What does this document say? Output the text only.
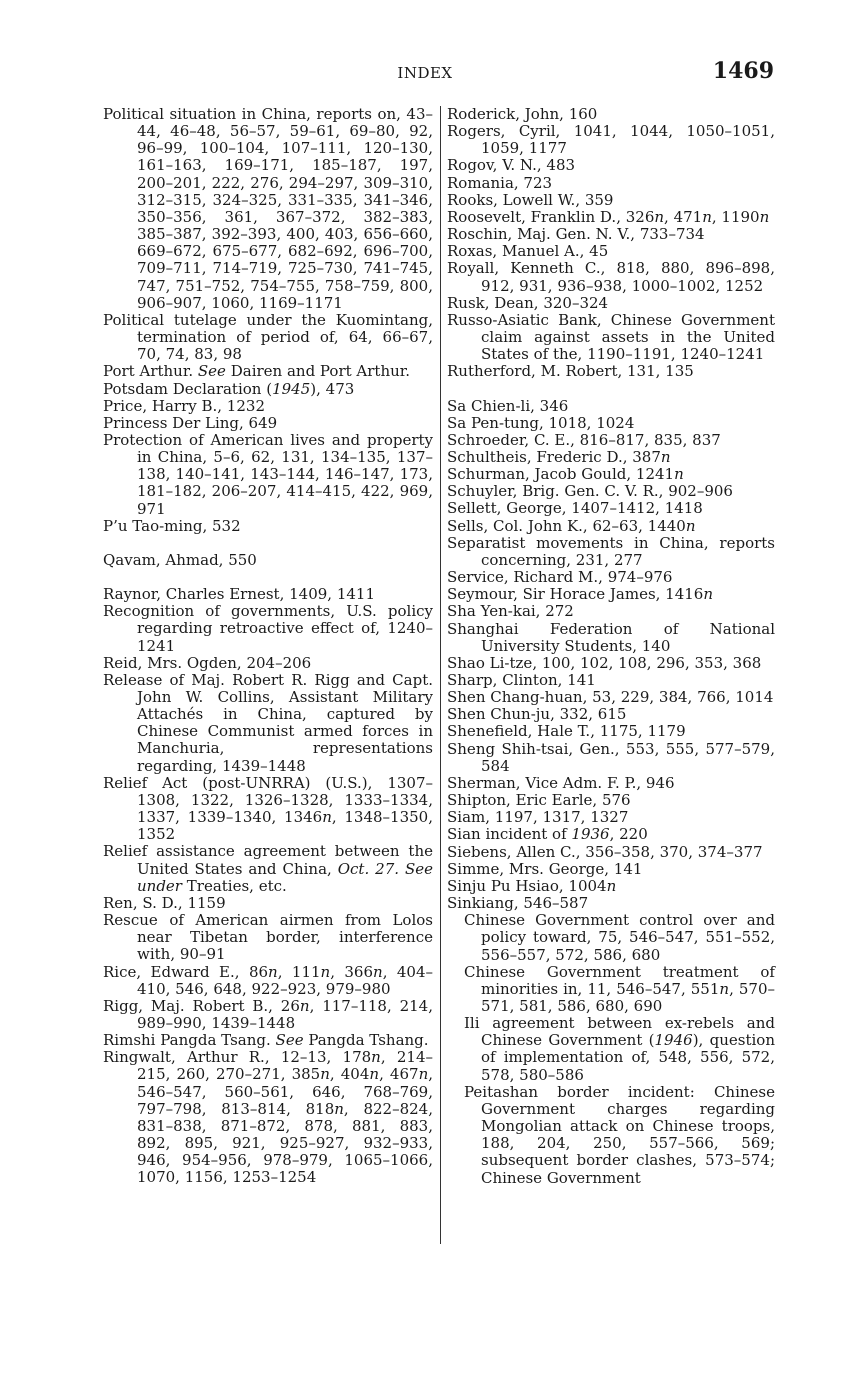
INDEX	1469
Political situation in China, reports on, 43–44, 46–48, 56–57, 59–61, 69–80, 92, 96–99, 100–104, 107–111, 120–130, 161–163, 169–171, 185–187, 197, 200–201, 222, 276, 294–297, 309–310, 312–315, 324–325, 331–335, 341–346, 350–356, 361, 367–372, 382–383, 385–387, 392–393, 400, 403, 656–660, 669–672, 675–677, 682–692, 696–700, 709–711, 714–719, 725–730, 741–745, 747, 751–752, 754–755, 758–759, 800, 906–907, 1060, 1169–1171
Political tutelage under the Kuomintang, termination of period of, 64, 66–67, 70, 74, 83, 98
Port Arthur. See Dairen and Port Arthur.
Potsdam Declaration (1945), 473
Price, Harry B., 1232
Princess Der Ling, 649
Protection of American lives and property in China, 5–6, 62, 131, 134–135, 137–138, 140–141, 143–144, 146–147, 173, 181–182, 206–207, 414–415, 422, 969, 971
P’u Tao-ming, 532
Qavam, Ahmad, 550
Raynor, Charles Ernest, 1409, 1411
Recognition of governments, U.S. policy regarding retroactive effect of, 1240–1241
Reid, Mrs. Ogden, 204–206
Release of Maj. Robert R. Rigg and Capt. John W. Collins, Assistant Military Attachés in China, captured by Chinese Communist armed forces in Manchuria, representations regarding, 1439–1448
Relief Act (post-UNRRA) (U.S.), 1307–1308, 1322, 1326–1328, 1333–1334, 1337, 1339–1340, 1346n, 1348–1350, 1352
Relief assistance agreement between the United States and China, Oct. 27. See under Treaties, etc.
Ren, S. D., 1159
Rescue of American airmen from Lolos near Tibetan border, interference with, 90–91
Rice, Edward E., 86n, 111n, 366n, 404–410, 546, 648, 922–923, 979–980
Rigg, Maj. Robert B., 26n, 117–118, 214, 989–990, 1439–1448
Rimshi Pangda Tsang. See Pangda Tshang.
Ringwalt, Arthur R., 12–13, 178n, 214–215, 260, 270–271, 385n, 404n, 467n, 546–547, 560–561, 646, 768–769, 797–798, 813–814, 818n, 822–824, 831–838, 871–872, 878, 881, 883, 892, 895, 921, 925–927, 932–933, 946, 954–956, 978–979, 1065–1066, 1070, 1156, 1253–1254
Roderick, John, 160
Rogers, Cyril, 1041, 1044, 1050–1051, 1059, 1177
Rogov, V. N., 483
Romania, 723
Rooks, Lowell W., 359
Roosevelt, Franklin D., 326n, 471n, 1190n
Roschin, Maj. Gen. N. V., 733–734
Roxas, Manuel A., 45
Royall, Kenneth C., 818, 880, 896–898, 912, 931, 936–938, 1000–1002, 1252
Rusk, Dean, 320–324
Russo-Asiatic Bank, Chinese Government claim against assets in the United States of the, 1190–1191, 1240–1241
Rutherford, M. Robert, 131, 135
Sa Chien-li, 346
Sa Pen-tung, 1018, 1024
Schroeder, C. E., 816–817, 835, 837
Schultheis, Frederic D., 387n
Schurman, Jacob Gould, 1241n
Schuyler, Brig. Gen. C. V. R., 902–906
Sellett, George, 1407–1412, 1418
Sells, Col. John K., 62–63, 1440n
Separatist movements in China, reports concerning, 231, 277
Service, Richard M., 974–976
Seymour, Sir Horace James, 1416n
Sha Yen-kai, 272
Shanghai Federation of National University Students, 140
Shao Li-tze, 100, 102, 108, 296, 353, 368
Sharp, Clinton, 141
Shen Chang-huan, 53, 229, 384, 766, 1014
Shen Chun-ju, 332, 615
Shenefield, Hale T., 1175, 1179
Sheng Shih-tsai, Gen., 553, 555, 577–579, 584
Sherman, Vice Adm. F. P., 946
Shipton, Eric Earle, 576
Siam, 1197, 1317, 1327
Sian incident of 1936, 220
Siebens, Allen C., 356–358, 370, 374–377
Simme, Mrs. George, 141
Sinju Pu Hsiao, 1004n
Sinkiang, 546–587
Chinese Government control over and policy toward, 75, 546–547, 551–552, 556–557, 572, 586, 680
Chinese Government treatment of minorities in, 11, 546–547, 551n, 570–571, 581, 586, 680, 690
Ili agreement between ex-rebels and Chinese Government (1946), question of implementation of, 548, 556, 572, 578, 580–586
Peitashan border incident: Chinese Government charges regarding Mongolian attack on Chinese troops, 188, 204, 250, 557–566, 569; subsequent border clashes, 573–574; Chinese Government
